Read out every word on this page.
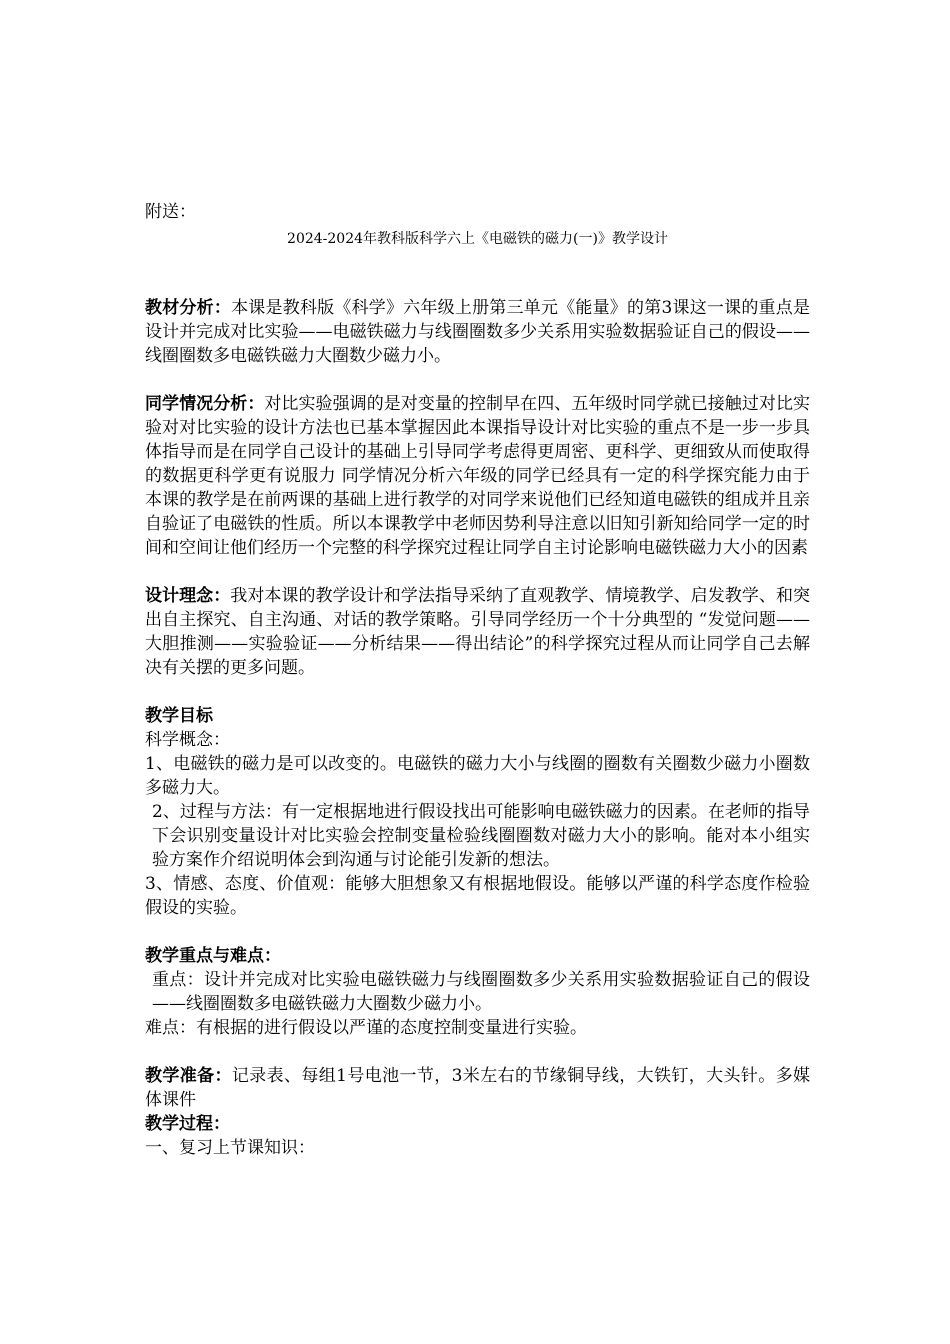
附送：
2024-2024年教科版科学六上《电磁铁的磁力(一)》教学设计

教材分析：本课是教科版《科学》六年级上册第三单元《能量》的第3课这一课的重点是设计并完成对比实验——电磁铁磁力与线圈圈数多少关系用实验数据验证自己的假设——线圈圈数多电磁铁磁力大圈数少磁力小。

同学情况分析：对比实验强调的是对变量的控制早在四、五年级时同学就已接触过对比实验对对比实验的设计方法也已基本掌握因此本课指导设计对比实验的重点不是一步一步具体指导而是在同学自己设计的基础上引导同学考虑得更周密、更科学、更细致从而使取得的数据更科学更有说服力 同学情况分析六年级的同学已经具有一定的科学探究能力由于本课的教学是在前两课的基础上进行教学的对同学来说他们已经知道电磁铁的组成并且亲自验证了电磁铁的性质。所以本课教学中老师因势利导注意以旧知引新知给同学一定的时间和空间让他们经历一个完整的科学探究过程让同学自主讨论影响电磁铁磁力大小的因素

设计理念：我对本课的教学设计和学法指导采纳了直观教学、情境教学、启发教学、和突出自主探究、自主沟通、对话的教学策略。引导同学经历一个十分典型的 “发觉问题——大胆推测——实验验证——分析结果——得出结论”的科学探究过程从而让同学自己去解决有关摆的更多问题。

教学目标
科学概念：

1、电磁铁的磁力是可以改变的。电磁铁的磁力大小与线圈的圈数有关圈数少磁力小圈数多磁力大。

2、过程与方法：有一定根据地进行假设找出可能影响电磁铁磁力的因素。在老师的指导下会识别变量设计对比实验会控制变量检验线圈圈数对磁力大小的影响。能对本小组实验方案作介绍说明体会到沟通与讨论能引发新的想法。

3、情感、态度、价值观：能够大胆想象又有根据地假设。能够以严谨的科学态度作检验假设的实验。

教学重点与难点：

重点：设计并完成对比实验电磁铁磁力与线圈圈数多少关系用实验数据验证自己的假设——线圈圈数多电磁铁磁力大圈数少磁力小。

难点：有根据的进行假设以严谨的态度控制变量进行实验。

教学准备：记录表、每组1号电池一节，3米左右的节缘铜导线，大铁钉，大头针。多媒体课件

教学过程：
一、复习上节课知识：
